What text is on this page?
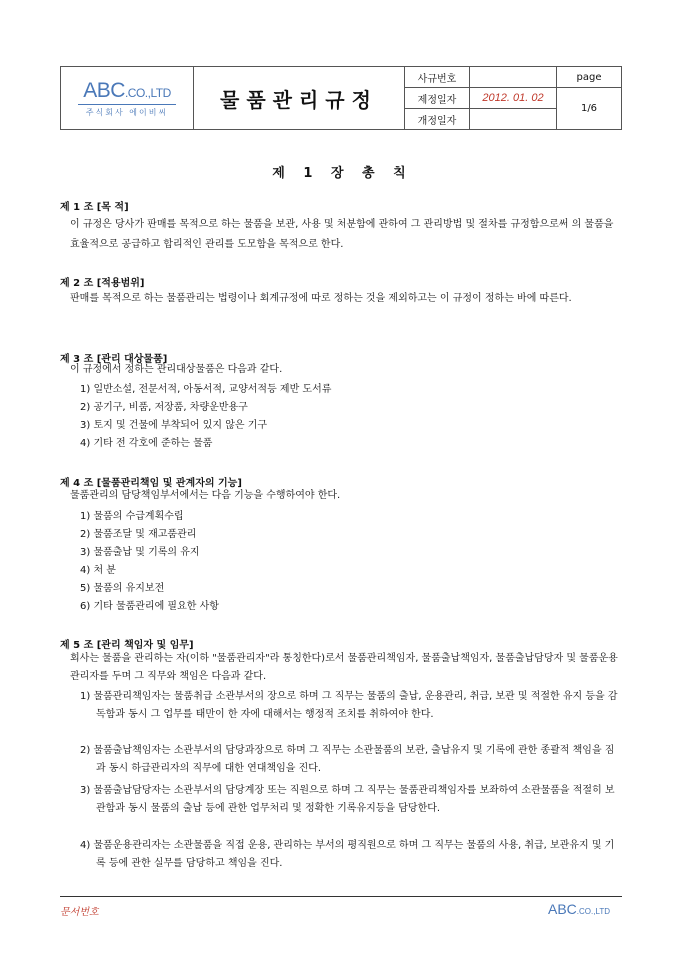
ABC.CO.,LTD
주식회사 에이비씨	물품관리규정	사규번호		page
		제정일자	2012. 01. 02	1/6
		개정일자		
제 1 장 총 칙
제 1 조 [목 적]
이 규정은 당사가 판매를 목적으로 하는 물품을 보관, 사용 및 처분함에 관하여 그 관리방법 및 절차를 규정함으로써 의 물품을 효율적으로 공급하고 합리적인 관리를 도모함을 목적으로 한다.
제 2 조 [적용범위]
판매를 목적으로 하는 물품관리는 법령이나 회계규정에 따로 정하는 것을 제외하고는 이 규정이 정하는 바에 따른다.
제 3 조 [관리 대상물품]
이 규정에서 정하는 관리대상물품은 다음과 같다.
1) 일반소설, 전문서적, 아동서적, 교양서적등 제반 도서류
2) 공기구, 비품, 저장품, 차량운반용구
3) 토지 및 건물에 부착되어 있지 않은 기구
4) 기타 전 각호에 준하는 물품
제 4 조 [물품관리책임 및 관계자의 기능]
물품관리의 담당책임부서에서는 다음 기능을 수행하여야 한다.
1) 물품의 수급계획수립
2) 물품조달 및 재고품관리
3) 물품출납 및 기록의 유지
4) 처 분
5) 물품의 유지보전
6) 기타 물품관리에 필요한 사항
제 5 조 [관리 책임자 및 임무]
회사는 물품을 관리하는 자(이하 "물품관리자"라 통칭한다)로서 물품관리책임자, 물품출납책임자, 물품출납담당자 및 물품운용관리자를 두며 그 직무와 책임은 다음과 같다.
1) 물품관리책임자는 물품취급 소관부서의 장으로 하며 그 직무는 물품의 출납, 운용관리, 취급, 보관 및 적절한 유지 등을 감독함과 동시 그 업무를 태만이 한 자에 대해서는 행정적 조치를 취하여야 한다.
2) 물품출납책임자는 소관부서의 담당과장으로 하며 그 직무는 소관물품의 보관, 출납유지 및 기록에 관한 종괄적 책임을 짐과 동시 하급관리자의 직무에 대한 연대책임을 진다.
3) 물품출납담당자는 소관부서의 담당계장 또는 직원으로 하며 그 직무는 물품관리책임자를 보좌하여 소관물품을 적절히 보관함과 동시 물품의 출납 등에 관한 업무처리 및 정확한 기록유지등을 담당한다.
4) 물품운용관리자는 소관물품을 직접 운용, 관리하는 부서의 평직원으로 하며 그 직무는 물품의 사용, 취급, 보관유지 및 기록 등에 관한 실무를 담당하고 책임을 진다.
문서번호	ABC.CO.,LTD
